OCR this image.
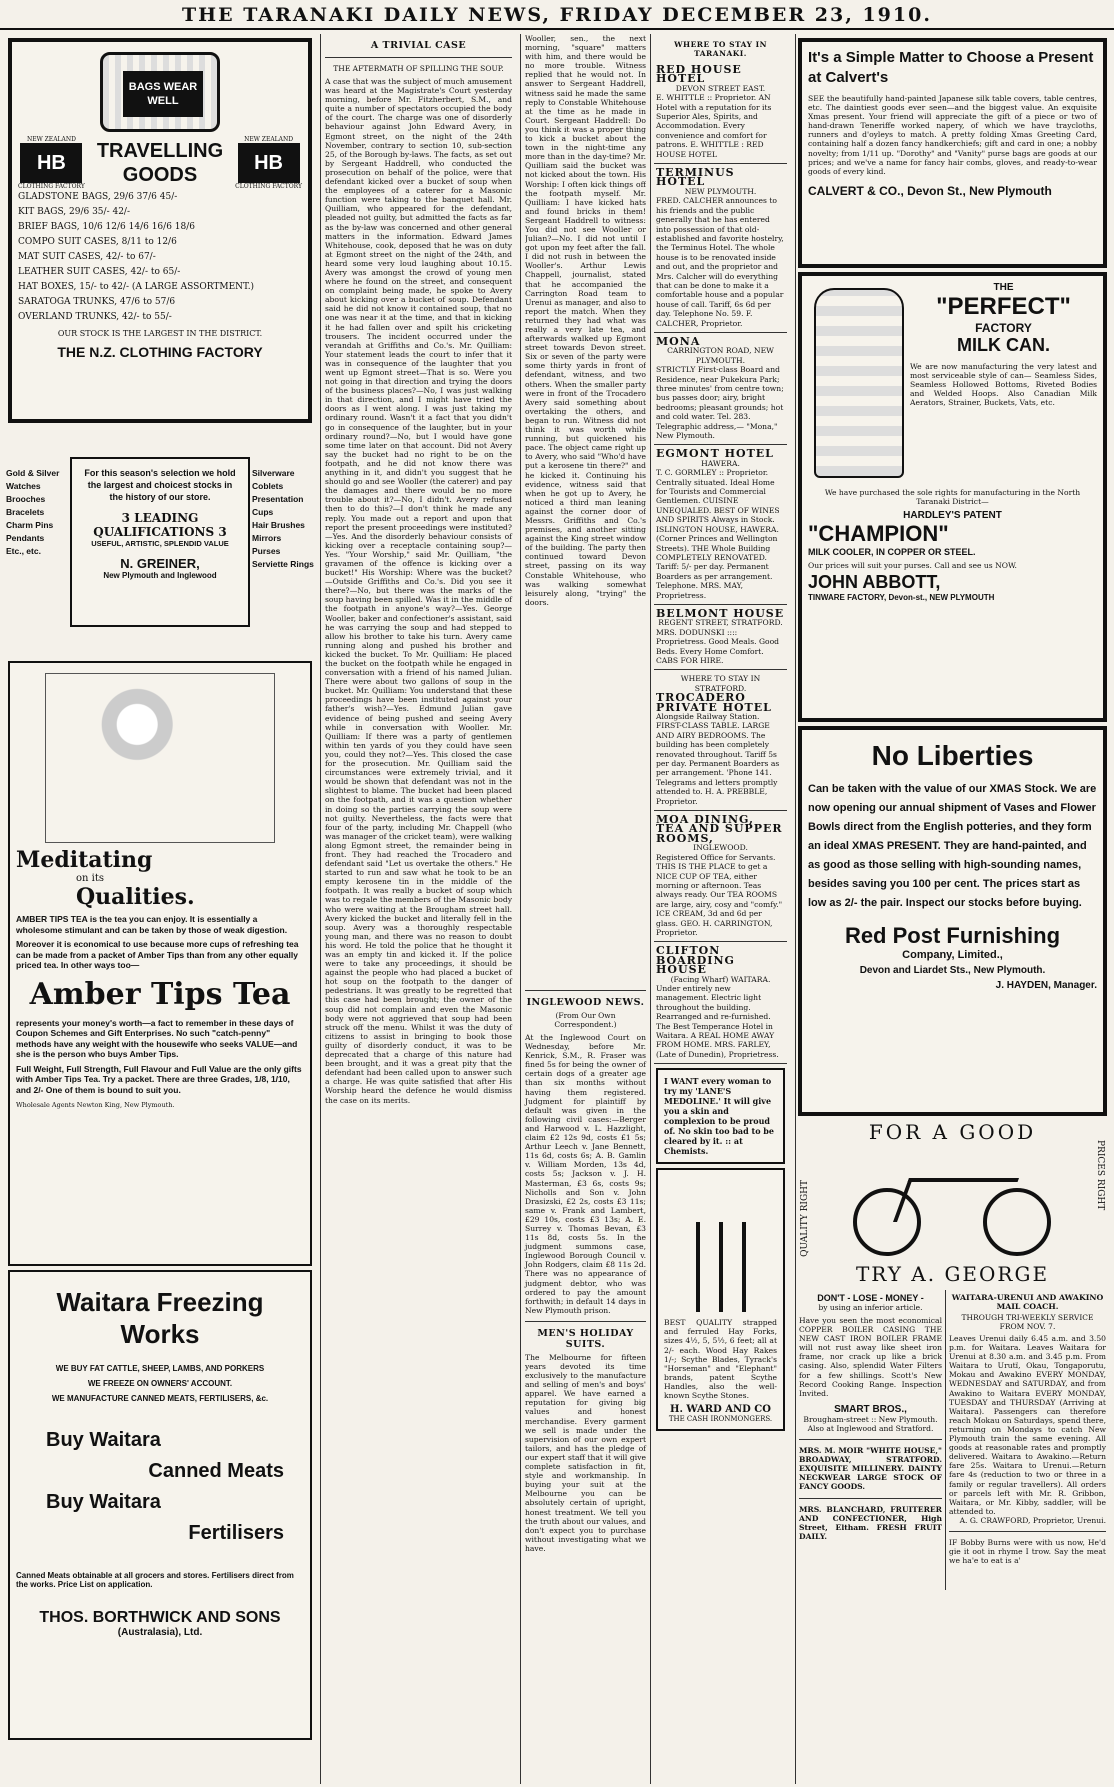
THE TARANAKI DAILY NEWS, FRIDAY DECEMBER 23, 1910.
BAGS WEAR WELL
NEW ZEALAND
HB
CLOTHING FACTORY
TRAVELLING
GOODS
NEW ZEALAND
HB
CLOTHING FACTORY
GLADSTONE BAGS, 29/6 37/6 45/-
KIT BAGS, 29/6 35/- 42/-
BRIEF BAGS, 10/6 12/6 14/6 16/6 18/6
COMPO SUIT CASES, 8/11 to 12/6
MAT SUIT CASES, 42/- to 67/-
LEATHER SUIT CASES, 42/- to 65/-
HAT BOXES, 15/- to 42/- (A LARGE ASSORTMENT.)
SARATOGA TRUNKS, 47/6 to 57/6
OVERLAND TRUNKS, 42/- to 55/-
OUR STOCK IS THE LARGEST IN THE DISTRICT.
THE N.Z. CLOTHING FACTORY
Gold & Silver
Watches
Brooches
Bracelets
Charm Pins
Pendants
Etc., etc.
For this season's selection we hold the largest and choicest stocks in the history of our store.
3 LEADING QUALIFICATIONS 3
USEFUL, ARTISTIC, SPLENDID VALUE
N. GREINER,
New Plymouth and Inglewood
Silverware
Coblets
Presentation
Cups
Hair Brushes
Mirrors
Purses
Serviette Rings
Meditating
on its
Qualities.
AMBER TIPS TEA is the tea you can enjoy. It is essentially a wholesome stimulant and can be taken by those of weak digestion.
Moreover it is economical to use because more cups of refreshing tea can be made from a packet of Amber Tips than from any other equally priced tea. In other ways too—
Amber Tips Tea
represents your money's worth—a fact to remember in these days of Coupon Schemes and Gift Enterprises. No such "catch-penny" methods have any weight with the housewife who seeks VALUE—and she is the person who buys Amber Tips.
Full Weight, Full Strength, Full Flavour and Full Value are the only gifts with Amber Tips Tea. Try a packet. There are three Grades, 1/8, 1/10, and 2/- One of them is bound to suit you.
Wholesale Agents Newton King, New Plymouth.
Waitara Freezing Works
WE BUY FAT CATTLE, SHEEP, LAMBS, AND PORKERS
WE FREEZE ON OWNERS' ACCOUNT.
WE MANUFACTURE CANNED MEATS, FERTILISERS, &c.
Buy Waitara
Canned Meats
Buy Waitara
Fertilisers
Canned Meats obtainable at all grocers and stores. Fertilisers direct from the works. Price List on application.
THOS. BORTHWICK AND SONS
(Australasia), Ltd.
A TRIVIAL CASE
THE AFTERMATH OF SPILLING THE SOUP.
A case that was the subject of much amusement was heard at the Magistrate's Court yesterday morning, before Mr. Fitzherbert, S.M., and quite a number of spectators occupied the body of the court. The charge was one of disorderly behaviour against John Edward Avery, in Egmont street, on the night of the 24th November, contrary to section 10, sub-section 25, of the Borough by-laws. The facts, as set out by Sergeant Haddrell, who conducted the prosecution on behalf of the police, were that defendant kicked over a bucket of soup when the employees of a caterer for a Masonic function were taking to the banquet hall. Mr. Quilliam, who appeared for the defendant, pleaded not guilty, but admitted the facts as far as the by-law was concerned and other general matters in the information. Edward James Whitehouse, cook, deposed that he was on duty at Egmont street on the night of the 24th, and heard some very loud laughing about 10.15. Avery was amongst the crowd of young men where he found on the street, and consequent on complaint being made, he spoke to Avery about kicking over a bucket of soup. Defendant said he did not know it contained soup, that no one was near it at the time, and that in kicking it he had fallen over and spilt his cricketing trousers. The incident occurred under the verandah at Griffiths and Co.'s. Mr. Quilliam: Your statement leads the court to infer that it was in consequence of the laughter that you went up Egmont street—That is so. Were you not going in that direction and trying the doors of the business places?—No, I was just walking in that direction, and I might have tried the doors as I went along. I was just taking my ordinary round. Wasn't it a fact that you didn't go in consequence of the laughter, but in your ordinary round?—No, but I would have gone some time later on that account. Did not Avery say the bucket had no right to be on the footpath, and he did not know there was anything in it, and didn't you suggest that he should go and see Wooller (the caterer) and pay the damages and there would be no more trouble about it?—No, I didn't. Avery refused then to do this?—I don't think he made any reply. You made out a report and upon that report the present proceedings were instituted?—Yes. And the disorderly behaviour consists of kicking over a receptacle containing soup?—Yes. "Your Worship," said Mr. Quilliam, "the gravamen of the offence is kicking over a bucket!" His Worship: Where was the bucket? —Outside Griffiths and Co.'s. Did you see it there?—No, but there was the marks of the soup having been spilled. Was it in the middle of the footpath in anyone's way?—Yes. George Wooller, baker and confectioner's assistant, said he was carrying the soup and had stepped to allow his brother to take his turn. Avery came running along and pushed his brother and kicked the bucket. To Mr. Quilliam: He placed the bucket on the footpath while he engaged in conversation with a friend of his named Julian. There were about two gallons of soup in the bucket. Mr. Quilliam: You understand that these proceedings have been instituted against your father's wish?—Yes. Edmund Julian gave evidence of being pushed and seeing Avery while in conversation with Wooller. Mr. Quilliam: If there was a party of gentlemen within ten yards of you they could have seen you, could they not?—Yes. This closed the case for the prosecution. Mr. Quilliam said the circumstances were extremely trivial, and it would be shown that defendant was not in the slightest to blame. The bucket had been placed on the footpath, and it was a question whether in doing so the parties carrying the soup were not guilty. Nevertheless, the facts were that four of the party, including Mr. Chappell (who was manager of the cricket team), were walking along Egmont street, the remainder being in front. They had reached the Trocadero and defendant said "Let us overtake the others." He started to run and saw what he took to be an empty kerosene tin in the middle of the footpath. It was really a bucket of soup which was to regale the members of the Masonic body who were waiting at the Brougham street hall. Avery kicked the bucket and literally fell in the soup. Avery was a thoroughly respectable young man, and there was no reason to doubt his word. He told the police that he thought it was an empty tin and kicked it. If the police were to take any proceedings, it should be against the people who had placed a bucket of hot soup on the footpath to the danger of pedestrians. It was greatly to be regretted that this case had been brought; the owner of the soup did not complain and even the Masonic body were not aggrieved that soup had been struck off the menu. Whilst it was the duty of citizens to assist in bringing to book those guilty of disorderly conduct, it was to be deprecated that a charge of this nature had been brought, and it was a great pity that the defendant had been called upon to answer such a charge. He was quite satisfied that after His Worship heard the defence he would dismiss the case on its merits.
Wooller, sen., the next morning, "square" matters with him, and there would be no more trouble. Witness replied that he would not. In answer to Sergeant Haddrell, witness said he made the same reply to Constable Whitehouse at the time as he made in Court. Sergeant Haddrell: Do you think it was a proper thing to kick a bucket about the town in the night-time any more than in the day-time? Mr. Quilliam said the bucket was not kicked about the town. His Worship: I often kick things off the footpath myself. Mr. Quilliam: I have kicked hats and found bricks in them! Sergeant Haddrell to witness: You did not see Wooller or Julian?—No. I did not until I got upon my feet after the fall. I did not rush in between the Wooller's. Arthur Lewis Chappell, journalist, stated that he accompanied the Carrington Road team to Urenui as manager, and also to report the match. When they returned they had what was really a very late tea, and afterwards walked up Egmont street towards Devon street. Six or seven of the party were some thirty yards in front of defendant, witness, and two others. When the smaller party were in front of the Trocadero Avery said something about overtaking the others, and began to run. Witness did not think it was worth while running, but quickened his pace. The object came right up to Avery, who said "Who'd have put a kerosene tin there?" and he kicked it. Continuing his evidence, witness said that when he got up to Avery, he noticed a third man leaning against the corner door of Messrs. Griffiths and Co.'s premises, and another sitting against the King street window of the building. The party then continued toward Devon street, passing on its way Constable Whitehouse, who was walking somewhat leisurely along, "trying" the doors.
INGLEWOOD NEWS.
(From Our Own Correspondent.)
At the Inglewood Court on Wednesday, before Mr. Kenrick, S.M., R. Fraser was fined 5s for being the owner of certain dogs of a greater age than six months without having them registered. Judgment for plaintiff by default was given in the following civil cases:—Berger and Harwood v. L. Hazzlight, claim £2 12s 9d, costs £1 5s; Arthur Leech v. Jane Bennett, 11s 6d, costs 6s; A. B. Gamlin v. William Morden, 13s 4d, costs 5s; Jackson v. J. H. Masterman, £3 6s, costs 9s; Nicholls and Son v. John Drasizski, £2 2s, costs £3 11s; same v. Frank and Lambert, £29 10s, costs £3 13s; A. E. Surrey v. Thomas Bevan, £3 11s 8d, costs 5s. In the judgment summons case, Inglewood Borough Council v. John Rodgers, claim £8 11s 2d. There was no appearance of judgment debtor, who was ordered to pay the amount forthwith; in default 14 days in New Plymouth prison.
MEN'S HOLIDAY SUITS.
The Melbourne for fifteen years devoted its time exclusively to the manufacture and selling of men's and boys' apparel. We have earned a reputation for giving big values and honest merchandise. Every garment we sell is made under the supervision of our own expert tailors, and has the pledge of our expert staff that it will give complete satisfaction in fit, style and workmanship. In buying your suit at the Melbourne you can be absolutely certain of upright, honest treatment. We tell you the truth about our values, and don't expect you to purchase without investigating what we have.
WHERE TO STAY IN TARANAKI.
RED HOUSE HOTEL
DEVON STREET EAST.
E. WHITTLE :: Proprietor. AN Hotel with a reputation for its Superior Ales, Spirits, and Accommodation. Every convenience and comfort for patrons. E. WHITTLE : RED HOUSE HOTEL
TERMINUS HOTEL
NEW PLYMOUTH.
FRED. CALCHER announces to his friends and the public generally that he has entered into possession of that old-established and favorite hostelry, the Terminus Hotel. The whole house is to be renovated inside and out, and the proprietor and Mrs. Calcher will do everything that can be done to make it a comfortable house and a popular house of call. Tariff, 6s 6d per day. Telephone No. 59. F. CALCHER, Proprietor.
MONA
CARRINGTON ROAD, NEW PLYMOUTH.
STRICTLY First-class Board and Residence, near Pukekura Park; three minutes' from centre town; bus passes door; airy, bright bedrooms; pleasant grounds; hot and cold water. Tel. 283. Telegraphic address,— "Mona," New Plymouth.
EGMONT HOTEL
HAWERA.
T. C. GORMLEY :: Proprietor. Centrally situated. Ideal Home for Tourists and Commercial Gentlemen. CUISINE UNEQUALED. BEST OF WINES AND SPIRITS Always in Stock. ISLINGTON HOUSE, HAWERA. (Corner Princes and Wellington Streets). THE Whole Building COMPLETELY RENOVATED. Tariff: 5/- per day. Permanent Boarders as per arrangement. Telephone. MRS. MAY, Proprietress.
BELMONT HOUSE
REGENT STREET, STRATFORD.
MRS. DODUNSKI :::: Proprietress. Good Meals. Good Beds. Every Home Comfort. CABS FOR HIRE.
WHERE TO STAY IN STRATFORD.
TROCADERO PRIVATE HOTEL
Alongside Railway Station. FIRST-CLASS TABLE. LARGE AND AIRY BEDROOMS. The building has been completely renovated throughout. Tariff 5s per day. Permanent Boarders as per arrangement. 'Phone 141. Telegrams and letters promptly attended to. H. A. PREBBLE, Proprietor.
MOA DINING, TEA AND SUPPER ROOMS,
INGLEWOOD.
Registered Office for Servants. THIS IS THE PLACE to get a NICE CUP OF TEA, either morning or afternoon. Teas always ready. Our TEA ROOMS are large, airy, cosy and "comfy." ICE CREAM, 3d and 6d per glass. GEO. H. CARRINGTON, Proprietor.
CLIFTON BOARDING HOUSE
(Facing Wharf) WAITARA.
Under entirely new management. Electric light throughout the building. Rearranged and re-furnished. The Best Temperance Hotel in Waitara. A REAL HOME AWAY FROM HOME. MRS. FARLEY, (Late of Dunedin), Proprietress.
I WANT every woman to try my 'LANE'S MEDOLINE.' It will give you a skin and complexion to be proud of. No skin too bad to be cleared by it. :: at Chemists.
BEST QUALITY strapped and ferruled Hay Forks, sizes 4½, 5, 5½, 6 feet; all at 2/- each. Wood Hay Rakes 1/-; Scythe Blades, Tyrack's "Horseman" and "Elephant" brands, patent Scythe Handles, also the well-known Scythe Stones.
H. WARD AND CO
THE CASH IRONMONGERS.
It's a Simple Matter to Choose a Present at Calvert's
SEE the beautifully hand-painted Japanese silk table covers, table centres, etc. The daintiest goods ever seen—and the biggest value. An exquisite Xmas present. Your friend will appreciate the gift of a piece or two of hand-drawn Teneriffe worked napery, of which we have traycloths, runners and d'oyleys to match. A pretty folding Xmas Greeting Card, containing half a dozen fancy handkerchiefs; gift and card in one; a nobby novelty; from 1/11 up. "Dorothy" and "Vanity" purse bags are goods at our prices; and we've a name for fancy hair combs, gloves, and ready-to-wear goods of every kind.
CALVERT & CO., Devon St., New Plymouth
THE
"PERFECT"
FACTORY
MILK CAN.
We are now manufacturing the very latest and most serviceable style of can— Seamless Sides, Seamless Hollowed Bottoms, Riveted Bodies and Welded Hoops. Also Canadian Milk Aerators, Strainer, Buckets, Vats, etc.
We have purchased the sole rights for manufacturing in the North Taranaki District—
HARDLEY'S PATENT
"CHAMPION"
MILK COOLER, IN COPPER OR STEEL.
Our prices will suit your purses. Call and see us NOW.
JOHN ABBOTT,
TINWARE FACTORY, Devon-st., NEW PLYMOUTH
No Liberties
Can be taken with the value of our XMAS Stock. We are now opening our annual shipment of Vases and Flower Bowls direct from the English potteries, and they form an ideal XMAS PRESENT. They are hand-painted, and as good as those selling with high-sounding names, besides saving you 100 per cent. The prices start as low as 2/- the pair. Inspect our stocks before buying.
Red Post Furnishing
Company, Limited.,
Devon and Liardet Sts., New Plymouth.
J. HAYDEN, Manager.
FOR A GOOD
QUALITY RIGHT
PRICES RIGHT
TRY A. GEORGE
DON'T - LOSE - MONEY -
by using an inferior article.
Have you seen the most economical COPPER BOILER CASING THE NEW CAST IRON BOILER FRAME will not rust away like sheet iron frame, nor crack up like a brick casing. Also, splendid Water Filters for a few shillings. Scott's New Record Cooking Range. Inspection Invited.
SMART BROS.,
Brougham-street :: New Plymouth. Also at Inglewood and Stratford.
MRS. M. MOIR "WHITE HOUSE," BROADWAY, STRATFORD. EXQUISITE MILLINERY. DAINTY NECKWEAR LARGE STOCK OF FANCY GOODS.
MRS. BLANCHARD, FRUITERER AND CONFECTIONER, High Street, Eltham. FRESH FRUIT DAILY.
WAITARA-URENUI AND AWAKINO MAIL COACH.
THROUGH TRI-WEEKLY SERVICE FROM NOV. 7.
Leaves Urenui daily 6.45 a.m. and 3.50 p.m. for Waitara. Leaves Waitara for Urenui at 8.30 a.m. and 3.45 p.m. From Waitara to Urutï, Okau, Tongaporutu, Mokau and Awakino EVERY MONDAY, WEDNESDAY and SATURDAY, and from Awakino to Waitara EVERY MONDAY, TUESDAY and THURSDAY (Arriving at Waitara). Passengers can therefore reach Mokau on Saturdays, spend there, returning on Mondays to catch New Plymouth train the same evening. All goods at reasonable rates and promptly delivered. Waitara to Awakino.—Return fare 25s. Waitara to Urenui.—Return fare 4s (reduction to two or three in a family or regular travellers). All orders or parcels left with Mr. R. Gribbon, Waitara, or Mr. Kibby, saddler, will be attended to.
A. G. CRAWFORD, Proprietor, Urenui.
IF Bobby Burns were with us now, He'd gie it oot in rhyme I trow. Say the meat we ha'e to eat is a'
